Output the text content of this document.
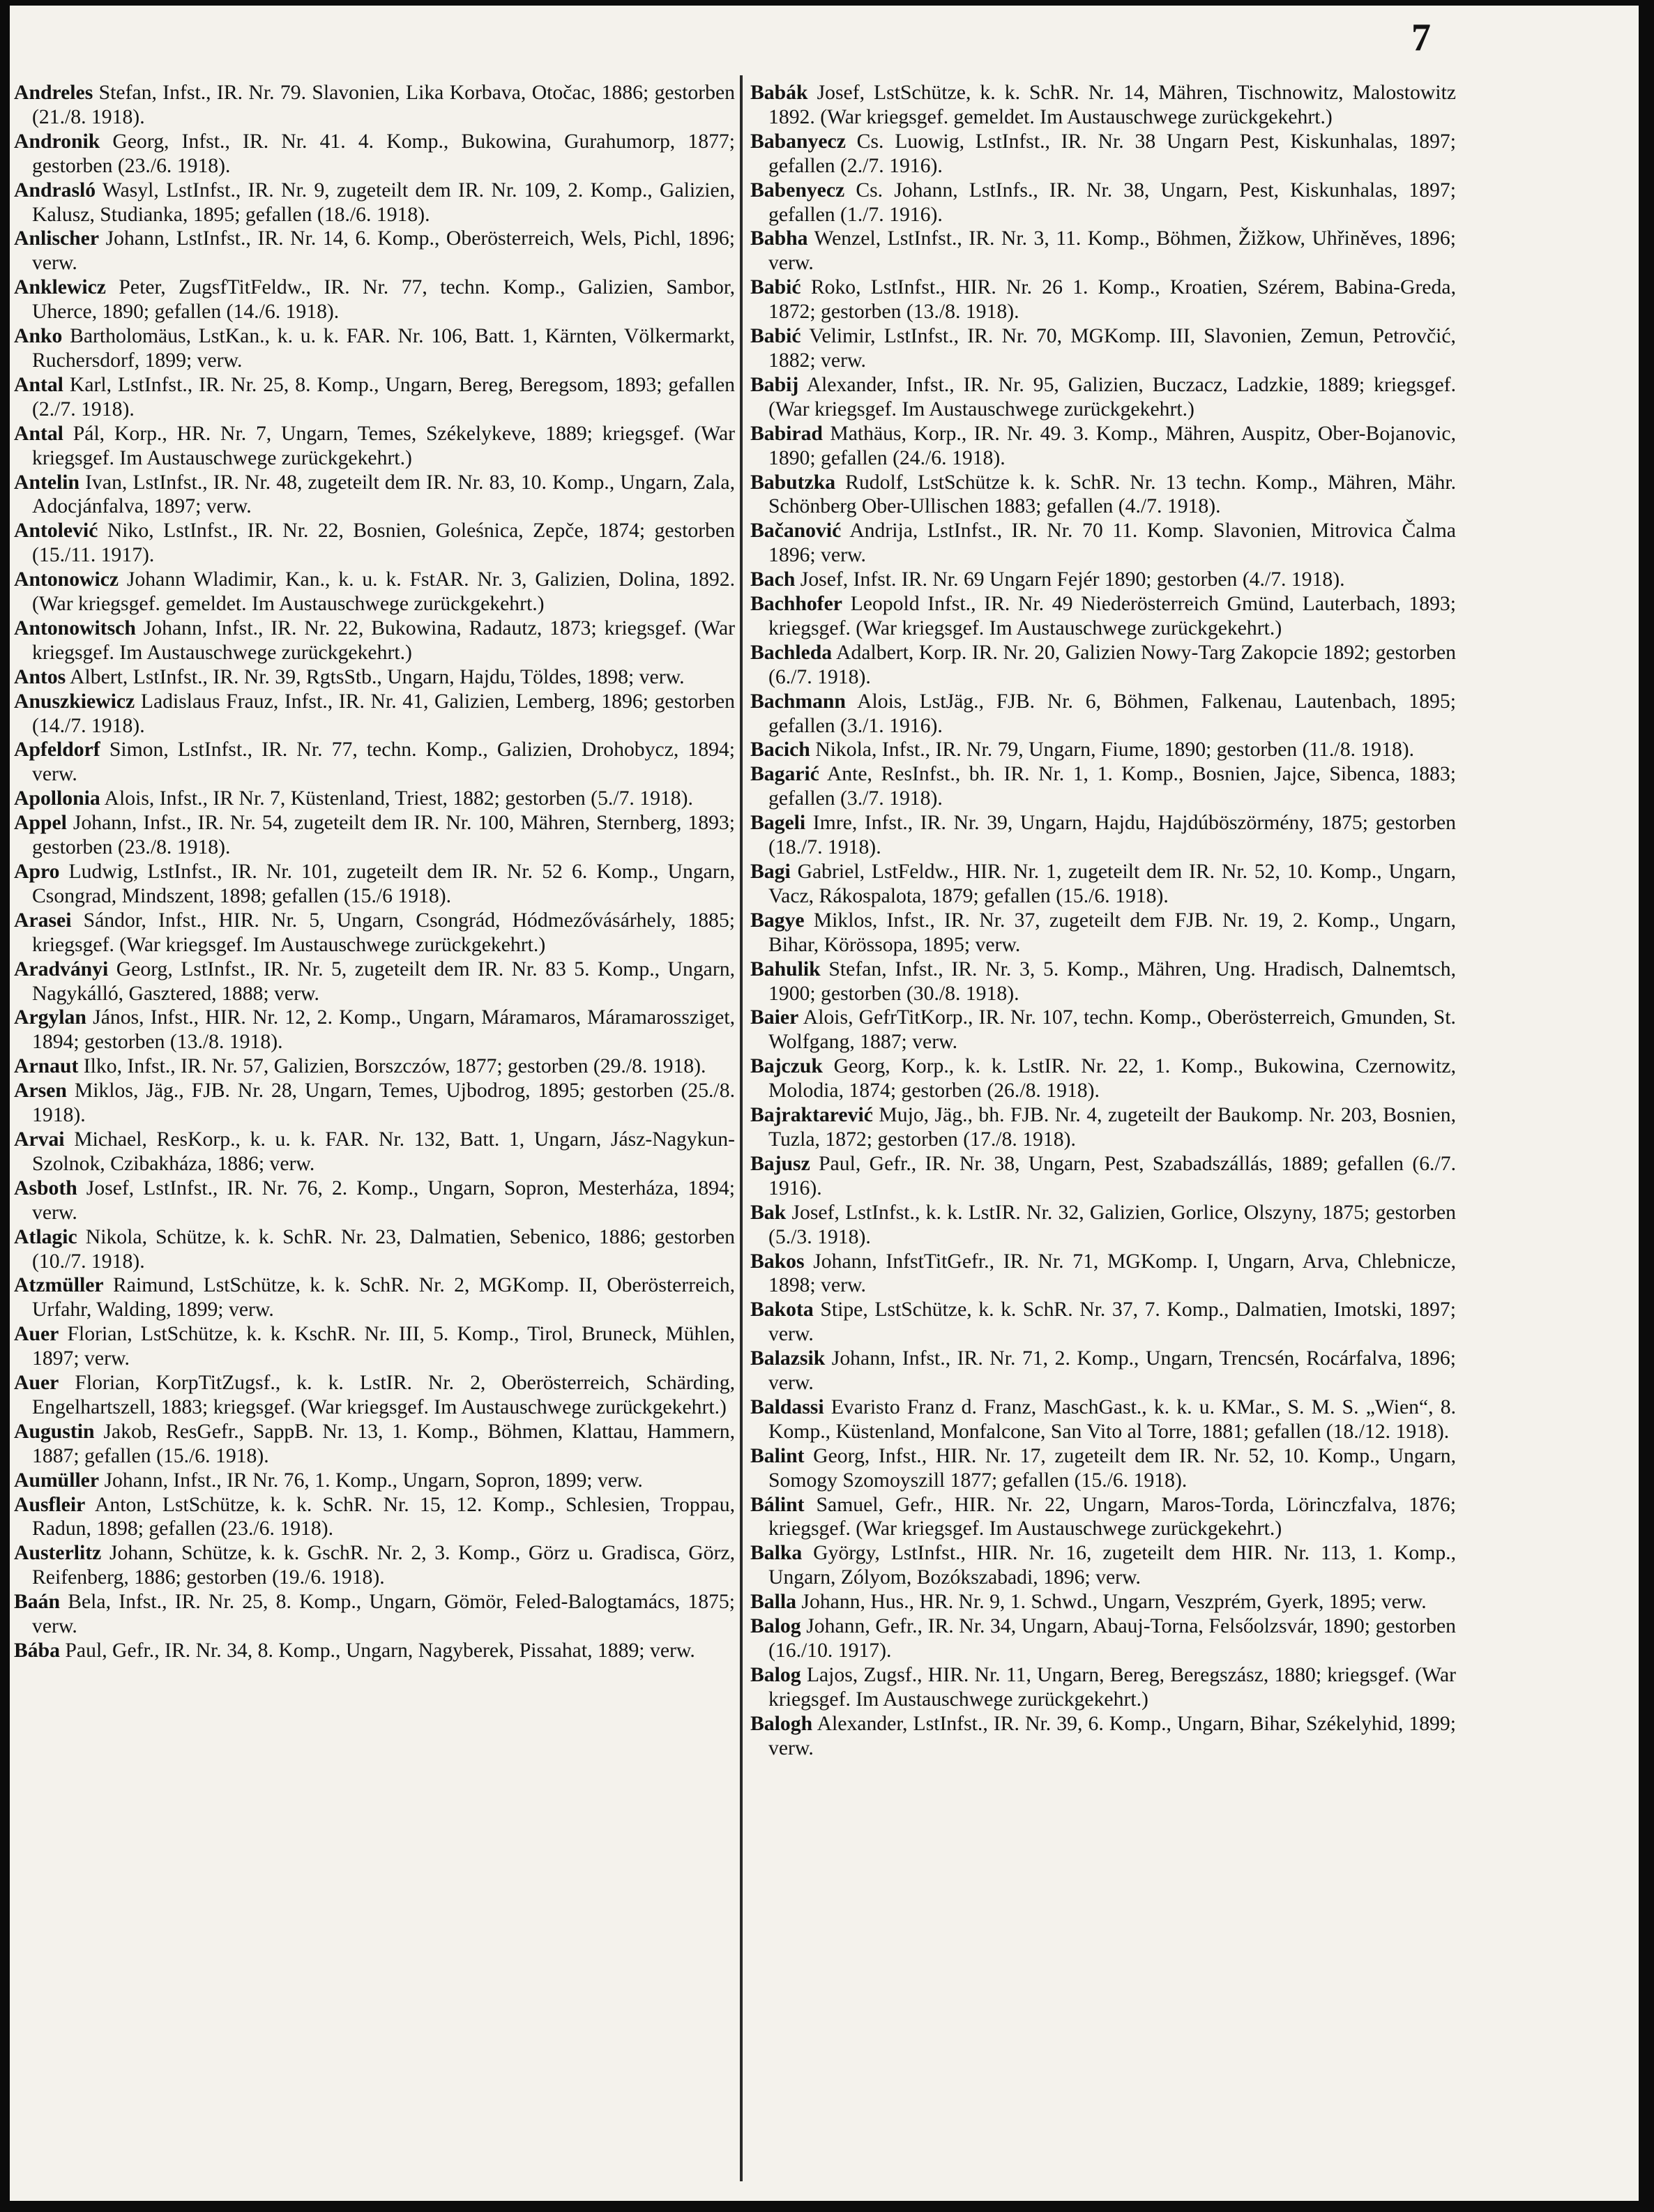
7

Andreles Stefan, Infst., IR. Nr. 79. Slavonien, Lika Korbava, Otočac, 1886; gestorben (21./8. 1918).

Andronik Georg, Infst., IR. Nr. 41. 4. Komp., Bukowina, Gurahumorp, 1877; gestorben (23./6. 1918).

Andrasló Wasyl, LstInfst., IR. Nr. 9, zugeteilt dem IR. Nr. 109, 2. Komp., Galizien, Kalusz, Studianka, 1895; gefallen (18./6. 1918).

Anlischer Johann, LstInfst., IR. Nr. 14, 6. Komp., Oberösterreich, Wels, Pichl, 1896; verw.

Anklewicz Peter, ZugsfTitFeldw., IR. Nr. 77, techn. Komp., Galizien, Sambor, Uherce, 1890; gefallen (14./6. 1918).

Anko Bartholomäus, LstKan., k. u. k. FAR. Nr. 106, Batt. 1, Kärnten, Völkermarkt, Ruchersdorf, 1899; verw.

Antal Karl, LstInfst., IR. Nr. 25, 8. Komp., Ungarn, Bereg, Beregsom, 1893; gefallen (2./7. 1918).

Antal Pál, Korp., HR. Nr. 7, Ungarn, Temes, Székelykeve, 1889; kriegsgef. (War kriegsgef. Im Austauschwege zurückgekehrt.)

Antelin Ivan, LstInfst., IR. Nr. 48, zugeteilt dem IR. Nr. 83, 10. Komp., Ungarn, Zala, Adocjánfalva, 1897; verw.

Antolević Niko, LstInfst., IR. Nr. 22, Bosnien, Goleśnica, Zepče, 1874; gestorben (15./11. 1917).

Antonowicz Johann Wladimir, Kan., k. u. k. FstAR. Nr. 3, Galizien, Dolina, 1892. (War kriegsgef. gemeldet. Im Austauschwege zurückgekehrt.)

Antonowitsch Johann, Infst., IR. Nr. 22, Bukowina, Radautz, 1873; kriegsgef. (War kriegsgef. Im Austauschwege zurückgekehrt.)

Antos Albert, LstInfst., IR. Nr. 39, RgtsStb., Ungarn, Hajdu, Töldes, 1898; verw.

Anuszkiewicz Ladislaus Frauz, Infst., IR. Nr. 41, Galizien, Lemberg, 1896; gestorben (14./7. 1918).

Apfeldorf Simon, LstInfst., IR. Nr. 77, techn. Komp., Galizien, Drohobycz, 1894; verw.

Apollonia Alois, Infst., IR Nr. 7, Küstenland, Triest, 1882; gestorben (5./7. 1918).

Appel Johann, Infst., IR. Nr. 54, zugeteilt dem IR. Nr. 100, Mähren, Sternberg, 1893; gestorben (23./8. 1918).

Apro Ludwig, LstInfst., IR. Nr. 101, zugeteilt dem IR. Nr. 52 6. Komp., Ungarn, Csongrad, Mindszent, 1898; gefallen (15./6 1918).

Arasei Sándor, Infst., HIR. Nr. 5, Ungarn, Csongrád, Hódmezővásárhely, 1885; kriegsgef. (War kriegsgef. Im Austauschwege zurückgekehrt.)

Aradványi Georg, LstInfst., IR. Nr. 5, zugeteilt dem IR. Nr. 83 5. Komp., Ungarn, Nagykálló, Gasztered, 1888; verw.

Argylan János, Infst., HIR. Nr. 12, 2. Komp., Ungarn, Máramaros, Máramarossziget, 1894; gestorben (13./8. 1918).

Arnaut Ilko, Infst., IR. Nr. 57, Galizien, Borszczów, 1877; gestorben (29./8. 1918).

Arsen Miklos, Jäg., FJB. Nr. 28, Ungarn, Temes, Ujbodrog, 1895; gestorben (25./8. 1918).

Arvai Michael, ResKorp., k. u. k. FAR. Nr. 132, Batt. 1, Ungarn, Jász-Nagykun-Szolnok, Czibakháza, 1886; verw.

Asboth Josef, LstInfst., IR. Nr. 76, 2. Komp., Ungarn, Sopron, Mesterháza, 1894; verw.

Atlagic Nikola, Schütze, k. k. SchR. Nr. 23, Dalmatien, Sebenico, 1886; gestorben (10./7. 1918).

Atzmüller Raimund, LstSchütze, k. k. SchR. Nr. 2, MGKomp. II, Oberösterreich, Urfahr, Walding, 1899; verw.

Auer Florian, LstSchütze, k. k. KschR. Nr. III, 5. Komp., Tirol, Bruneck, Mühlen, 1897; verw.

Auer Florian, KorpTitZugsf., k. k. LstIR. Nr. 2, Oberösterreich, Schärding, Engelhartszell, 1883; kriegsgef. (War kriegsgef. Im Austauschwege zurückgekehrt.)

Augustin Jakob, ResGefr., SappB. Nr. 13, 1. Komp., Böhmen, Klattau, Hammern, 1887; gefallen (15./6. 1918).

Aumüller Johann, Infst., IR Nr. 76, 1. Komp., Ungarn, Sopron, 1899; verw.

Ausfleir Anton, LstSchütze, k. k. SchR. Nr. 15, 12. Komp., Schlesien, Troppau, Radun, 1898; gefallen (23./6. 1918).

Austerlitz Johann, Schütze, k. k. GschR. Nr. 2, 3. Komp., Görz u. Gradisca, Görz, Reifenberg, 1886; gestorben (19./6. 1918).

Baán Bela, Infst., IR. Nr. 25, 8. Komp., Ungarn, Gömör, Feled-Balogtamács, 1875; verw.

Bába Paul, Gefr., IR. Nr. 34, 8. Komp., Ungarn, Nagyberek, Pissahat, 1889; verw.

Babák Josef, LstSchütze, k. k. SchR. Nr. 14, Mähren, Tischnowitz, Malostowitz 1892. (War kriegsgef. gemeldet. Im Austauschwege zurückgekehrt.)

Babanyecz Cs. Luowig, LstInfst., IR. Nr. 38 Ungarn Pest, Kiskunhalas, 1897; gefallen (2./7. 1916).

Babenyecz Cs. Johann, LstInfs., IR. Nr. 38, Ungarn, Pest, Kiskunhalas, 1897; gefallen (1./7. 1916).

Babha Wenzel, LstInfst., IR. Nr. 3, 11. Komp., Böhmen, Žižkow, Uhřiněves, 1896; verw.

Babić Roko, LstInfst., HIR. Nr. 26 1. Komp., Kroatien, Szérem, Babina-Greda, 1872; gestorben (13./8. 1918).

Babić Velimir, LstInfst., IR. Nr. 70, MGKomp. III, Slavonien, Zemun, Petrovčić, 1882; verw.

Babij Alexander, Infst., IR. Nr. 95, Galizien, Buczacz, Ladzkie, 1889; kriegsgef. (War kriegsgef. Im Austauschwege zurückgekehrt.)

Babirad Mathäus, Korp., IR. Nr. 49. 3. Komp., Mähren, Auspitz, Ober-Bojanovic, 1890; gefallen (24./6. 1918).

Babutzka Rudolf, LstSchütze k. k. SchR. Nr. 13 techn. Komp., Mähren, Mähr. Schönberg Ober-Ullischen 1883; gefallen (4./7. 1918).

Bačanović Andrija, LstInfst., IR. Nr. 70 11. Komp. Slavonien, Mitrovica Čalma 1896; verw.

Bach Josef, Infst. IR. Nr. 69 Ungarn Fejér 1890; gestorben (4./7. 1918).

Bachhofer Leopold Infst., IR. Nr. 49 Niederösterreich Gmünd, Lauterbach, 1893; kriegsgef. (War kriegsgef. Im Austauschwege zurückgekehrt.)

Bachleda Adalbert, Korp. IR. Nr. 20, Galizien Nowy-Targ Zakopcie 1892; gestorben (6./7. 1918).

Bachmann Alois, LstJäg., FJB. Nr. 6, Böhmen, Falkenau, Lautenbach, 1895; gefallen (3./1. 1916).

Bacich Nikola, Infst., IR. Nr. 79, Ungarn, Fiume, 1890; gestorben (11./8. 1918).

Bagarić Ante, ResInfst., bh. IR. Nr. 1, 1. Komp., Bosnien, Jajce, Sibenca, 1883; gefallen (3./7. 1918).

Bageli Imre, Infst., IR. Nr. 39, Ungarn, Hajdu, Hajdúböszörmény, 1875; gestorben (18./7. 1918).

Bagi Gabriel, LstFeldw., HIR. Nr. 1, zugeteilt dem IR. Nr. 52, 10. Komp., Ungarn, Vacz, Rákospalota, 1879; gefallen (15./6. 1918).

Bagye Miklos, Infst., IR. Nr. 37, zugeteilt dem FJB. Nr. 19, 2. Komp., Ungarn, Bihar, Körössopa, 1895; verw.

Bahulik Stefan, Infst., IR. Nr. 3, 5. Komp., Mähren, Ung. Hradisch, Dalnemtsch, 1900; gestorben (30./8. 1918).

Baier Alois, GefrTitKorp., IR. Nr. 107, techn. Komp., Oberösterreich, Gmunden, St. Wolfgang, 1887; verw.

Bajczuk Georg, Korp., k. k. LstIR. Nr. 22, 1. Komp., Bukowina, Czernowitz, Molodia, 1874; gestorben (26./8. 1918).

Bajraktarević Mujo, Jäg., bh. FJB. Nr. 4, zugeteilt der Baukomp. Nr. 203, Bosnien, Tuzla, 1872; gestorben (17./8. 1918).

Bajusz Paul, Gefr., IR. Nr. 38, Ungarn, Pest, Szabadszállás, 1889; gefallen (6./7. 1916).

Bak Josef, LstInfst., k. k. LstIR. Nr. 32, Galizien, Gorlice, Olszyny, 1875; gestorben (5./3. 1918).

Bakos Johann, InfstTitGefr., IR. Nr. 71, MGKomp. I, Ungarn, Arva, Chlebnicze, 1898; verw.

Bakota Stipe, LstSchütze, k. k. SchR. Nr. 37, 7. Komp., Dalmatien, Imotski, 1897; verw.

Balazsik Johann, Infst., IR. Nr. 71, 2. Komp., Ungarn, Trencsén, Rocárfalva, 1896; verw.

Baldassi Evaristo Franz d. Franz, MaschGast., k. k. u. KMar., S. M. S. „Wien“, 8. Komp., Küstenland, Monfalcone, San Vito al Torre, 1881; gefallen (18./12. 1918).

Balint Georg, Infst., HIR. Nr. 17, zugeteilt dem IR. Nr. 52, 10. Komp., Ungarn, Somogy Szomoyszill 1877; gefallen (15./6. 1918).

Bálint Samuel, Gefr., HIR. Nr. 22, Ungarn, Maros-Torda, Lörinczfalva, 1876; kriegsgef. (War kriegsgef. Im Austauschwege zurückgekehrt.)

Balka György, LstInfst., HIR. Nr. 16, zugeteilt dem HIR. Nr. 113, 1. Komp., Ungarn, Zólyom, Bozókszabadi, 1896; verw.

Balla Johann, Hus., HR. Nr. 9, 1. Schwd., Ungarn, Veszprém, Gyerk, 1895; verw.

Balog Johann, Gefr., IR. Nr. 34, Ungarn, Abauj-Torna, Felsőolzsvár, 1890; gestorben (16./10. 1917).

Balog Lajos, Zugsf., HIR. Nr. 11, Ungarn, Bereg, Beregszász, 1880; kriegsgef. (War kriegsgef. Im Austauschwege zurückgekehrt.)

Balogh Alexander, LstInfst., IR. Nr. 39, 6. Komp., Ungarn, Bihar, Székelyhid, 1899; verw.
